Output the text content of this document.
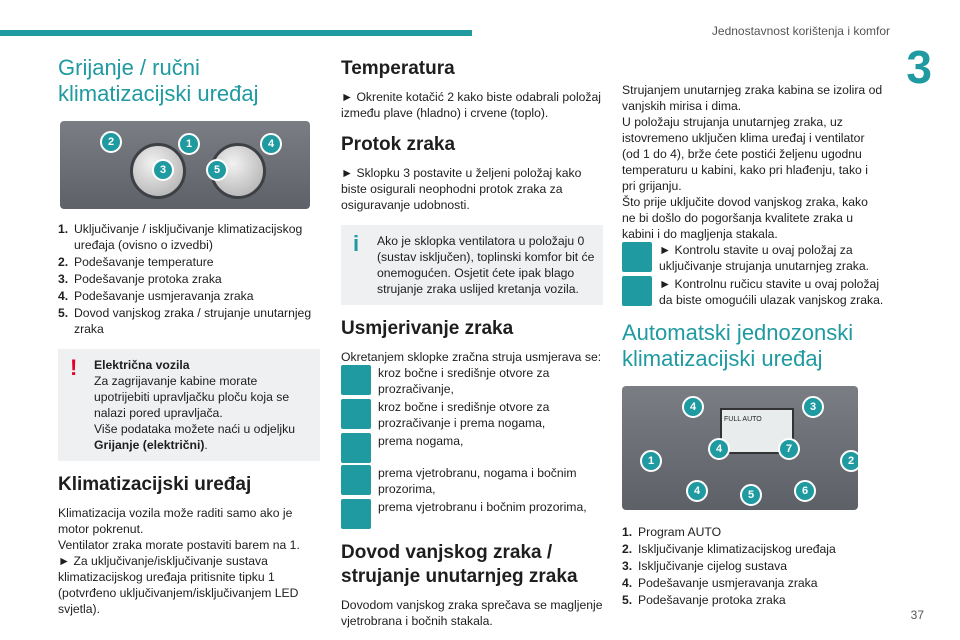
Jednostavnost korištenja i komfor
3
Grijanje / ručni klimatizacijski uređaj
2	1
3
4
5
1. Uključivanje / isključivanje klimatizacijskog uređaja (ovisno o izvedbi)
2. Podešavanje temperature
3. Podešavanje protoka zraka
4. Podešavanje usmjeravanja zraka
5. Dovod vanjskog zraka / strujanje unutarnjeg zraka
! Električna vozila

Za zagrijavanje kabine morate upotrijebiti upravljačku ploču koja se nalazi pored upravljača.

Više podataka možete naći u odjeljku Grijanje (električni).

Klimatizacijski uređaj

Klimatizacija vozila može raditi samo ako je motor pokrenut.

Ventilator zraka morate postaviti barem na 1.

► Za uključivanje/isključivanje sustava klimatizacijskog uređaja pritisnite tipku 1 (potvrđeno uključivanjem/isključivanjem LED svjetla).

Temperatura

► Okrenite kotačić 2 kako biste odabrali položaj između plave (hladno) i crvene (toplo).

Protok zraka

► Sklopku 3 postavite u željeni položaj kako biste osigurali neophodni protok zraka za osiguravanje udobnosti.

i Ako je sklopka ventilatora u položaju 0 (sustav isključen), toplinski komfor bit će onemogućen. Osjetit ćete ipak blago strujanje zraka uslijed kretanja vozila.

Usmjerivanje zraka

Okretanjem sklopke zračna struja usmjerava se:

kroz bočne i središnje otvore za prozračivanje,
kroz bočne i središnje otvore za prozračivanje i prema nogama,
prema nogama,
prema vjetrobranu, nogama i bočnim prozorima,
prema vjetrobranu i bočnim prozorima,
Dovod vanjskog zraka / strujanje unutarnjeg zraka

Dovodom vanjskog zraka sprečava se magljenje vjetrobrana i bočnih stakala.

Strujanjem unutarnjeg zraka kabina se izolira od vanjskih mirisa i dima.

U položaju strujanja unutarnjeg zraka, uz istovremeno uključen klima uređaj i ventilator (od 1 do 4), brže ćete postići željenu ugodnu temperaturu u kabini, kako pri hlađenju, tako i pri grijanju.

Što prije uključite dovod vanjskog zraka, kako ne bi došlo do pogoršanja kvalitete zraka u kabini i do magljenja stakala.

► Kontrolu stavite u ovaj položaj za uključivanje strujanja unutarnjeg zraka.
► Kontrolnu ručicu stavite u ovaj položaj da biste omogućili ulazak vanjskog zraka.
Automatski jednozonski klimatizacijski uređaj
FULL AUTO
4	3
4	7
1	2
4	5	6
1. Program AUTO
2. Isključivanje klimatizacijskog uređaja
3. Isključivanje cijelog sustava
4. Podešavanje usmjeravanja zraka
5. Podešavanje protoka zraka
37
